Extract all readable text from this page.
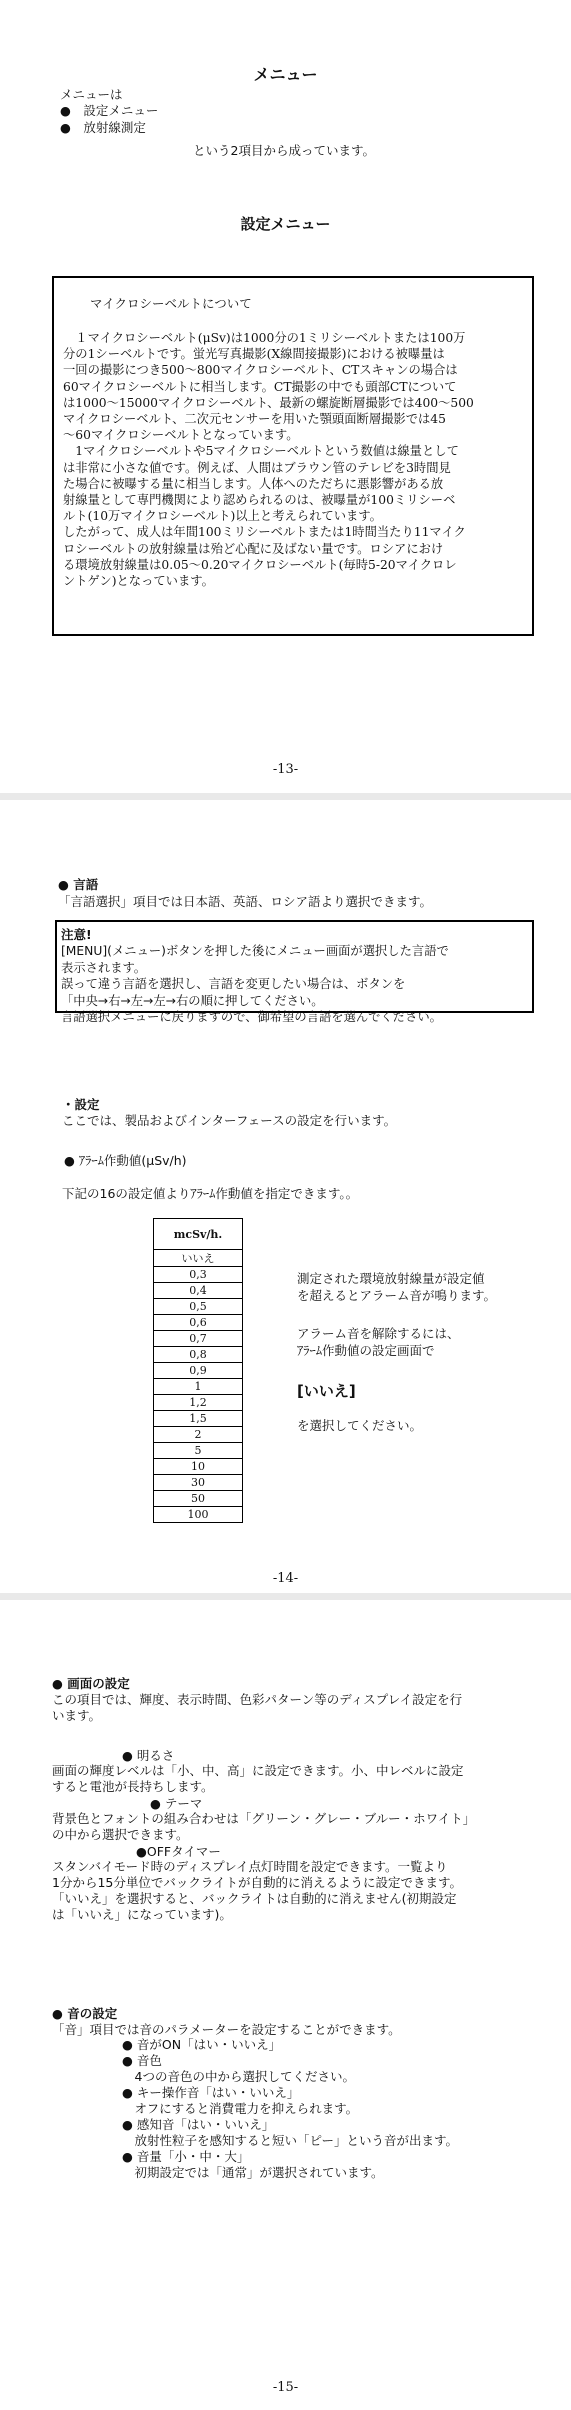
メニュー
メニューは
●　設定メニュー
●　放射線測定
という2項目から成っています。
設定メニュー
マイクロシーベルトについて
　１マイクロシーベルト(μSv)は1000分の1ミリシーベルトまたは100万
分の1シーベルトです。蛍光写真撮影(X線間接撮影)における被曝量は
一回の撮影につき500〜800マイクロシーベルト、CTスキャンの場合は
60マイクロシーベルトに相当します。CT撮影の中でも頭部CTについて
は1000〜15000マイクロシーベルト、最新の螺旋断層撮影では400〜500
マイクロシーベルト、二次元センサーを用いた顎頭面断層撮影では45
〜60マイクロシーベルトとなっています。
　1マイクロシーベルトや5マイクロシーベルトという数値は線量として
は非常に小さな値です。例えば、人間はブラウン管のテレビを3時間見
た場合に被曝する量に相当します。人体へのただちに悪影響がある放
射線量として専門機関により認められるのは、被曝量が100ミリシーベ
ルト(10万マイクロシーベルト)以上と考えられています。
したがって、成人は年間100ミリシーベルトまたは1時間当たり11マイク
ロシーベルトの放射線量は殆ど心配に及ばない量です。ロシアにおけ
る環境放射線量は0.05〜0.20マイクロシーベルト(毎時5-20マイクロレ
ントゲン)となっています。
-13-
● 言語
「言語選択」項目では日本語、英語、ロシア語より選択できます。
注意!
[MENU](メニュー)ボタンを押した後にメニュー画面が選択した言語で
表示されます。
誤って違う言語を選択し、言語を変更したい場合は、ボタンを
「中央→右→左→左→右の順に押してください。
言語選択メニューに戻りますので、御希望の言語を選んでください。
・設定
ここでは、製品およびインターフェースの設定を行います。
● ｱﾗｰﾑ作動値(μSv/h)
下記の16の設定値よりｱﾗｰﾑ作動値を指定できます。。
mcSv/h.
いいえ
0,3
0,4
0,5
0,6
0,7
0,8
0,9
1
1,2
1,5
2
5
10
30
50
100
測定された環境放射線量が設定値
を超えるとアラーム音が鳴ります。
アラーム音を解除するには、
ｱﾗｰﾑ作動値の設定画面で
[いいえ]
を選択してください。
-14-
● 画面の設定
この項目では、輝度、表示時間、色彩パターン等のディスプレイ設定を行
います。
● 明るさ
画面の輝度レベルは「小、中、高」に設定できます。小、中レベルに設定
すると電池が長持ちします。
● テーマ
背景色とフォントの組み合わせは「グリーン・グレー・ブルー・ホワイト」
の中から選択できます。
●OFFタイマー
スタンバイモード時のディスプレイ点灯時間を設定できます。一覧より
1分から15分単位でバックライトが自動的に消えるように設定できます。
「いいえ」を選択すると、バックライトは自動的に消えません(初期設定
は「いいえ」になっています)。
● 音の設定
「音」項目では音のパラメーターを設定することができます。
● 音がON「はい・いいえ」
● 音色
　4つの音色の中から選択してください。
● キー操作音「はい・いいえ」
　オフにすると消費電力を抑えられます。
● 感知音「はい・いいえ」
　放射性粒子を感知すると短い「ピー」という音が出ます。
● 音量「小・中・大」
　初期設定では「通常」が選択されています。
-15-
